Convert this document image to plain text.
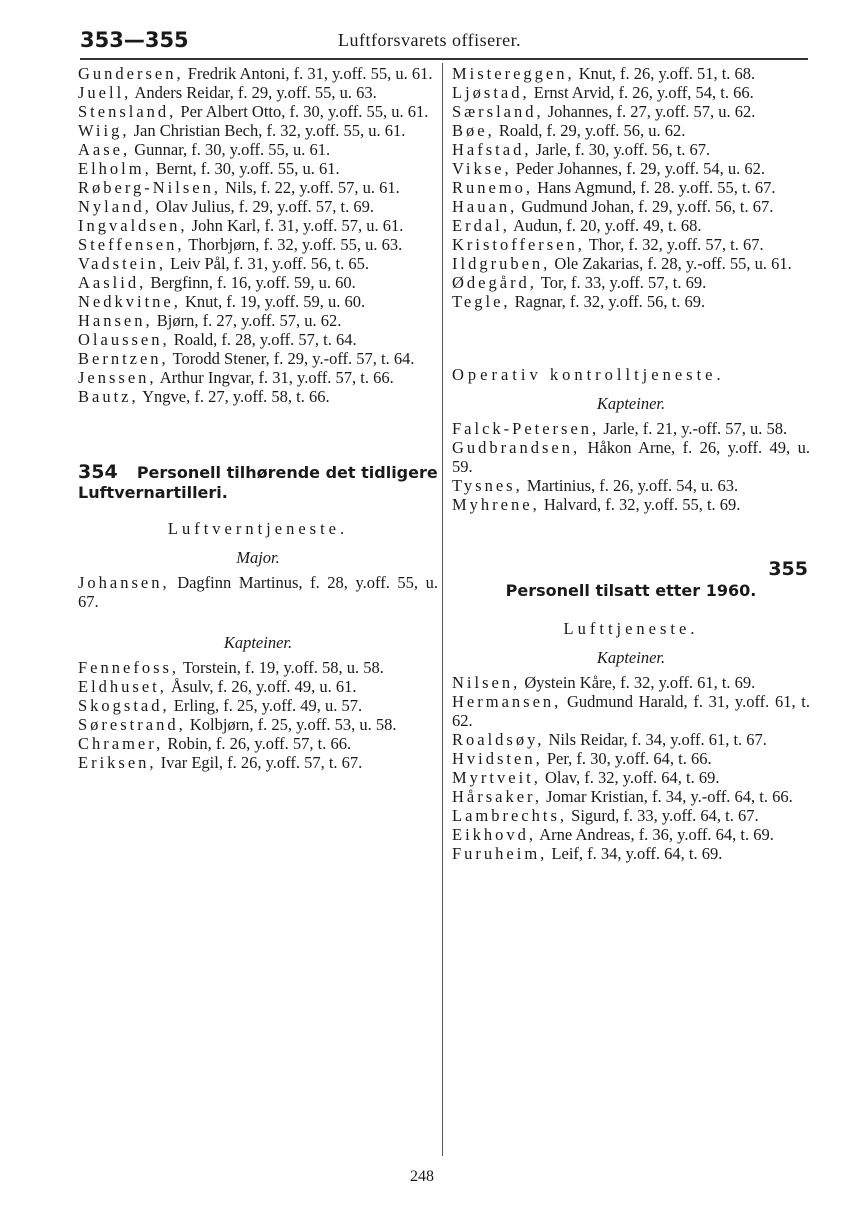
353—355	Luftforsvarets offiserer.
Gundersen, Fredrik Antoni, f. 31, y.off. 55, u. 61.
Juell, Anders Reidar, f. 29, y.off. 55, u. 63.
Stensland, Per Albert Otto, f. 30, y.off. 55, u. 61.
Wiig, Jan Christian Bech, f. 32, y.off. 55, u. 61.
Aase, Gunnar, f. 30, y.off. 55, u. 61.
Elholm, Bernt, f. 30, y.off. 55, u. 61.
Røberg-Nilsen, Nils, f. 22, y.off. 57, u. 61.
Nyland, Olav Julius, f. 29, y.off. 57, t. 69.
Ingvaldsen, John Karl, f. 31, y.off. 57, u. 61.
Steffensen, Thorbjørn, f. 32, y.off. 55, u. 63.
Vadstein, Leiv Pål, f. 31, y.off. 56, t. 65.
Aaslid, Bergfinn, f. 16, y.off. 59, u. 60.
Nedkvitne, Knut, f. 19, y.off. 59, u. 60.
Hansen, Bjørn, f. 27, y.off. 57, u. 62.
Olaussen, Roald, f. 28, y.off. 57, t. 64.
Berntzen, Torodd Stener, f. 29, y.-off. 57, t. 64.
Jenssen, Arthur Ingvar, f. 31, y.off. 57, t. 66.
Bautz, Yngve, f. 27, y.off. 58, t. 66.
354 Personell tilhørende det tidligere Luftvernartilleri.
Luftverntjeneste.
Major.
Johansen, Dagfinn Martinus, f. 28, y.off. 55, u. 67.
Kapteiner.
Fennefoss, Torstein, f. 19, y.off. 58, u. 58.
Eldhuset, Åsulv, f. 26, y.off. 49, u. 61.
Skogstad, Erling, f. 25, y.off. 49, u. 57.
Sørestrand, Kolbjørn, f. 25, y.off. 53, u. 58.
Chramer, Robin, f. 26, y.off. 57, t. 66.
Eriksen, Ivar Egil, f. 26, y.off. 57, t. 67.
Mistereggen, Knut, f. 26, y.off. 51, t. 68.
Ljøstad, Ernst Arvid, f. 26, y.off, 54, t. 66.
Særsland, Johannes, f. 27, y.off. 57, u. 62.
Bøe, Roald, f. 29, y.off. 56, u. 62.
Hafstad, Jarle, f. 30, y.off. 56, t. 67.
Vikse, Peder Johannes, f. 29, y.off. 54, u. 62.
Runemo, Hans Agmund, f. 28. y.off. 55, t. 67.
Hauan, Gudmund Johan, f. 29, y.off. 56, t. 67.
Erdal, Audun, f. 20, y.off. 49, t. 68.
Kristoffersen, Thor, f. 32, y.off. 57, t. 67.
Ildgruben, Ole Zakarias, f. 28, y.-off. 55, u. 61.
Ødegård, Tor, f. 33, y.off. 57, t. 69.
Tegle, Ragnar, f. 32, y.off. 56, t. 69.
Operativ kontrolltjeneste.
Kapteiner.
Falck-Petersen, Jarle, f. 21, y.-off. 57, u. 58.
Gudbrandsen, Håkon Arne, f. 26, y.off. 49, u. 59.
Tysnes, Martinius, f. 26, y.off. 54, u. 63.
Myhrene, Halvard, f. 32, y.off. 55, t. 69.
355
Personell tilsatt etter 1960.
Lufttjeneste.
Kapteiner.
Nilsen, Øystein Kåre, f. 32, y.off. 61, t. 69.
Hermansen, Gudmund Harald, f. 31, y.off. 61, t. 62.
Roaldsøy, Nils Reidar, f. 34, y.off. 61, t. 67.
Hvidsten, Per, f. 30, y.off. 64, t. 66.
Myrtveit, Olav, f. 32, y.off. 64, t. 69.
Hårsaker, Jomar Kristian, f. 34, y.-off. 64, t. 66.
Lambrechts, Sigurd, f. 33, y.off. 64, t. 67.
Eikhovd, Arne Andreas, f. 36, y.off. 64, t. 69.
Furuheim, Leif, f. 34, y.off. 64, t. 69.
248
